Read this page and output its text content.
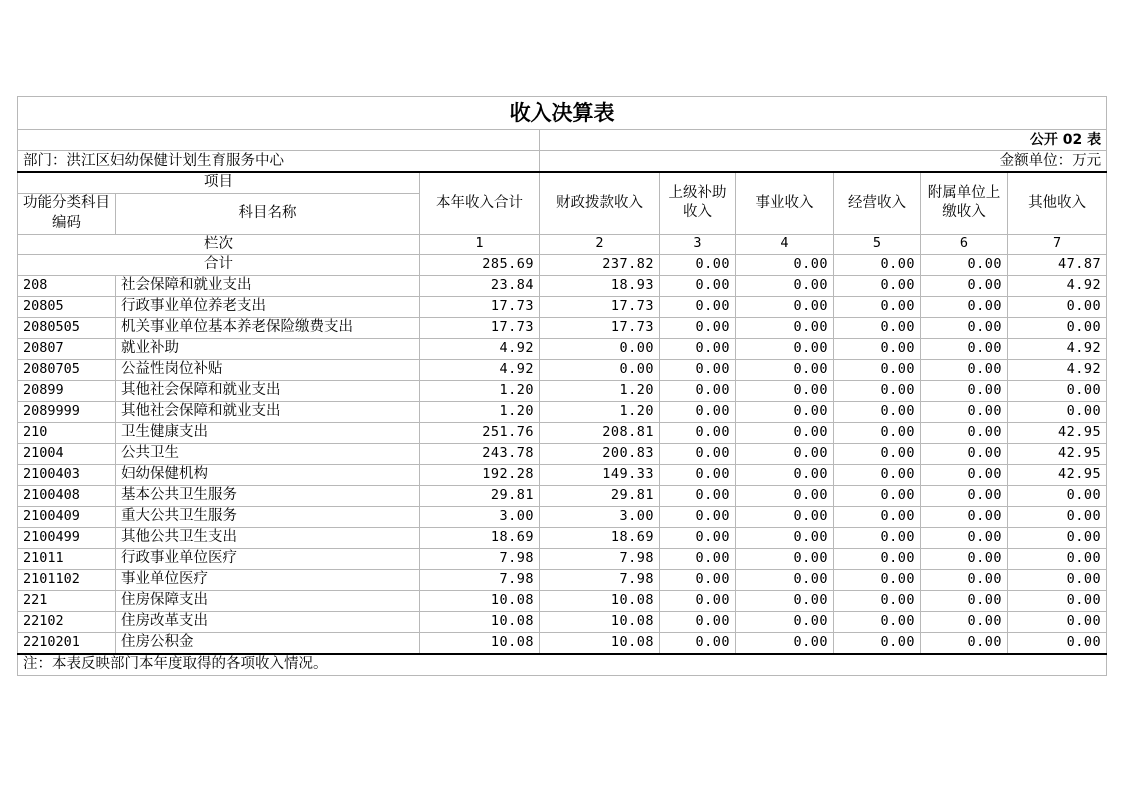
收入决算表								
			公开 02 表					
部门：洪江区妇幼保健计划生育服务中心			金额单位：万元					
项目		本年收入合计	财政拨款收入	上级补助收入	事业收入	经营收入	附属单位上缴收入	其他收入
功能分类科目编码	科目名称							
栏次		1	2	3	4	5	6	7
合计		285.69	237.82	0.00	0.00	0.00	0.00	47.87
208	社会保障和就业支出	23.84	18.93	0.00	0.00	0.00	0.00	4.92
20805	行政事业单位养老支出	17.73	17.73	0.00	0.00	0.00	0.00	0.00
2080505	机关事业单位基本养老保险缴费支出	17.73	17.73	0.00	0.00	0.00	0.00	0.00
20807	就业补助	4.92	0.00	0.00	0.00	0.00	0.00	4.92
2080705	公益性岗位补贴	4.92	0.00	0.00	0.00	0.00	0.00	4.92
20899	其他社会保障和就业支出	1.20	1.20	0.00	0.00	0.00	0.00	0.00
2089999	其他社会保障和就业支出	1.20	1.20	0.00	0.00	0.00	0.00	0.00
210	卫生健康支出	251.76	208.81	0.00	0.00	0.00	0.00	42.95
21004	公共卫生	243.78	200.83	0.00	0.00	0.00	0.00	42.95
2100403	妇幼保健机构	192.28	149.33	0.00	0.00	0.00	0.00	42.95
2100408	基本公共卫生服务	29.81	29.81	0.00	0.00	0.00	0.00	0.00
2100409	重大公共卫生服务	3.00	3.00	0.00	0.00	0.00	0.00	0.00
2100499	其他公共卫生支出	18.69	18.69	0.00	0.00	0.00	0.00	0.00
21011	行政事业单位医疗	7.98	7.98	0.00	0.00	0.00	0.00	0.00
2101102	事业单位医疗	7.98	7.98	0.00	0.00	0.00	0.00	0.00
221	住房保障支出	10.08	10.08	0.00	0.00	0.00	0.00	0.00
22102	住房改革支出	10.08	10.08	0.00	0.00	0.00	0.00	0.00
2210201	住房公积金	10.08	10.08	0.00	0.00	0.00	0.00	0.00
注：本表反映部门本年度取得的各项收入情况。								
